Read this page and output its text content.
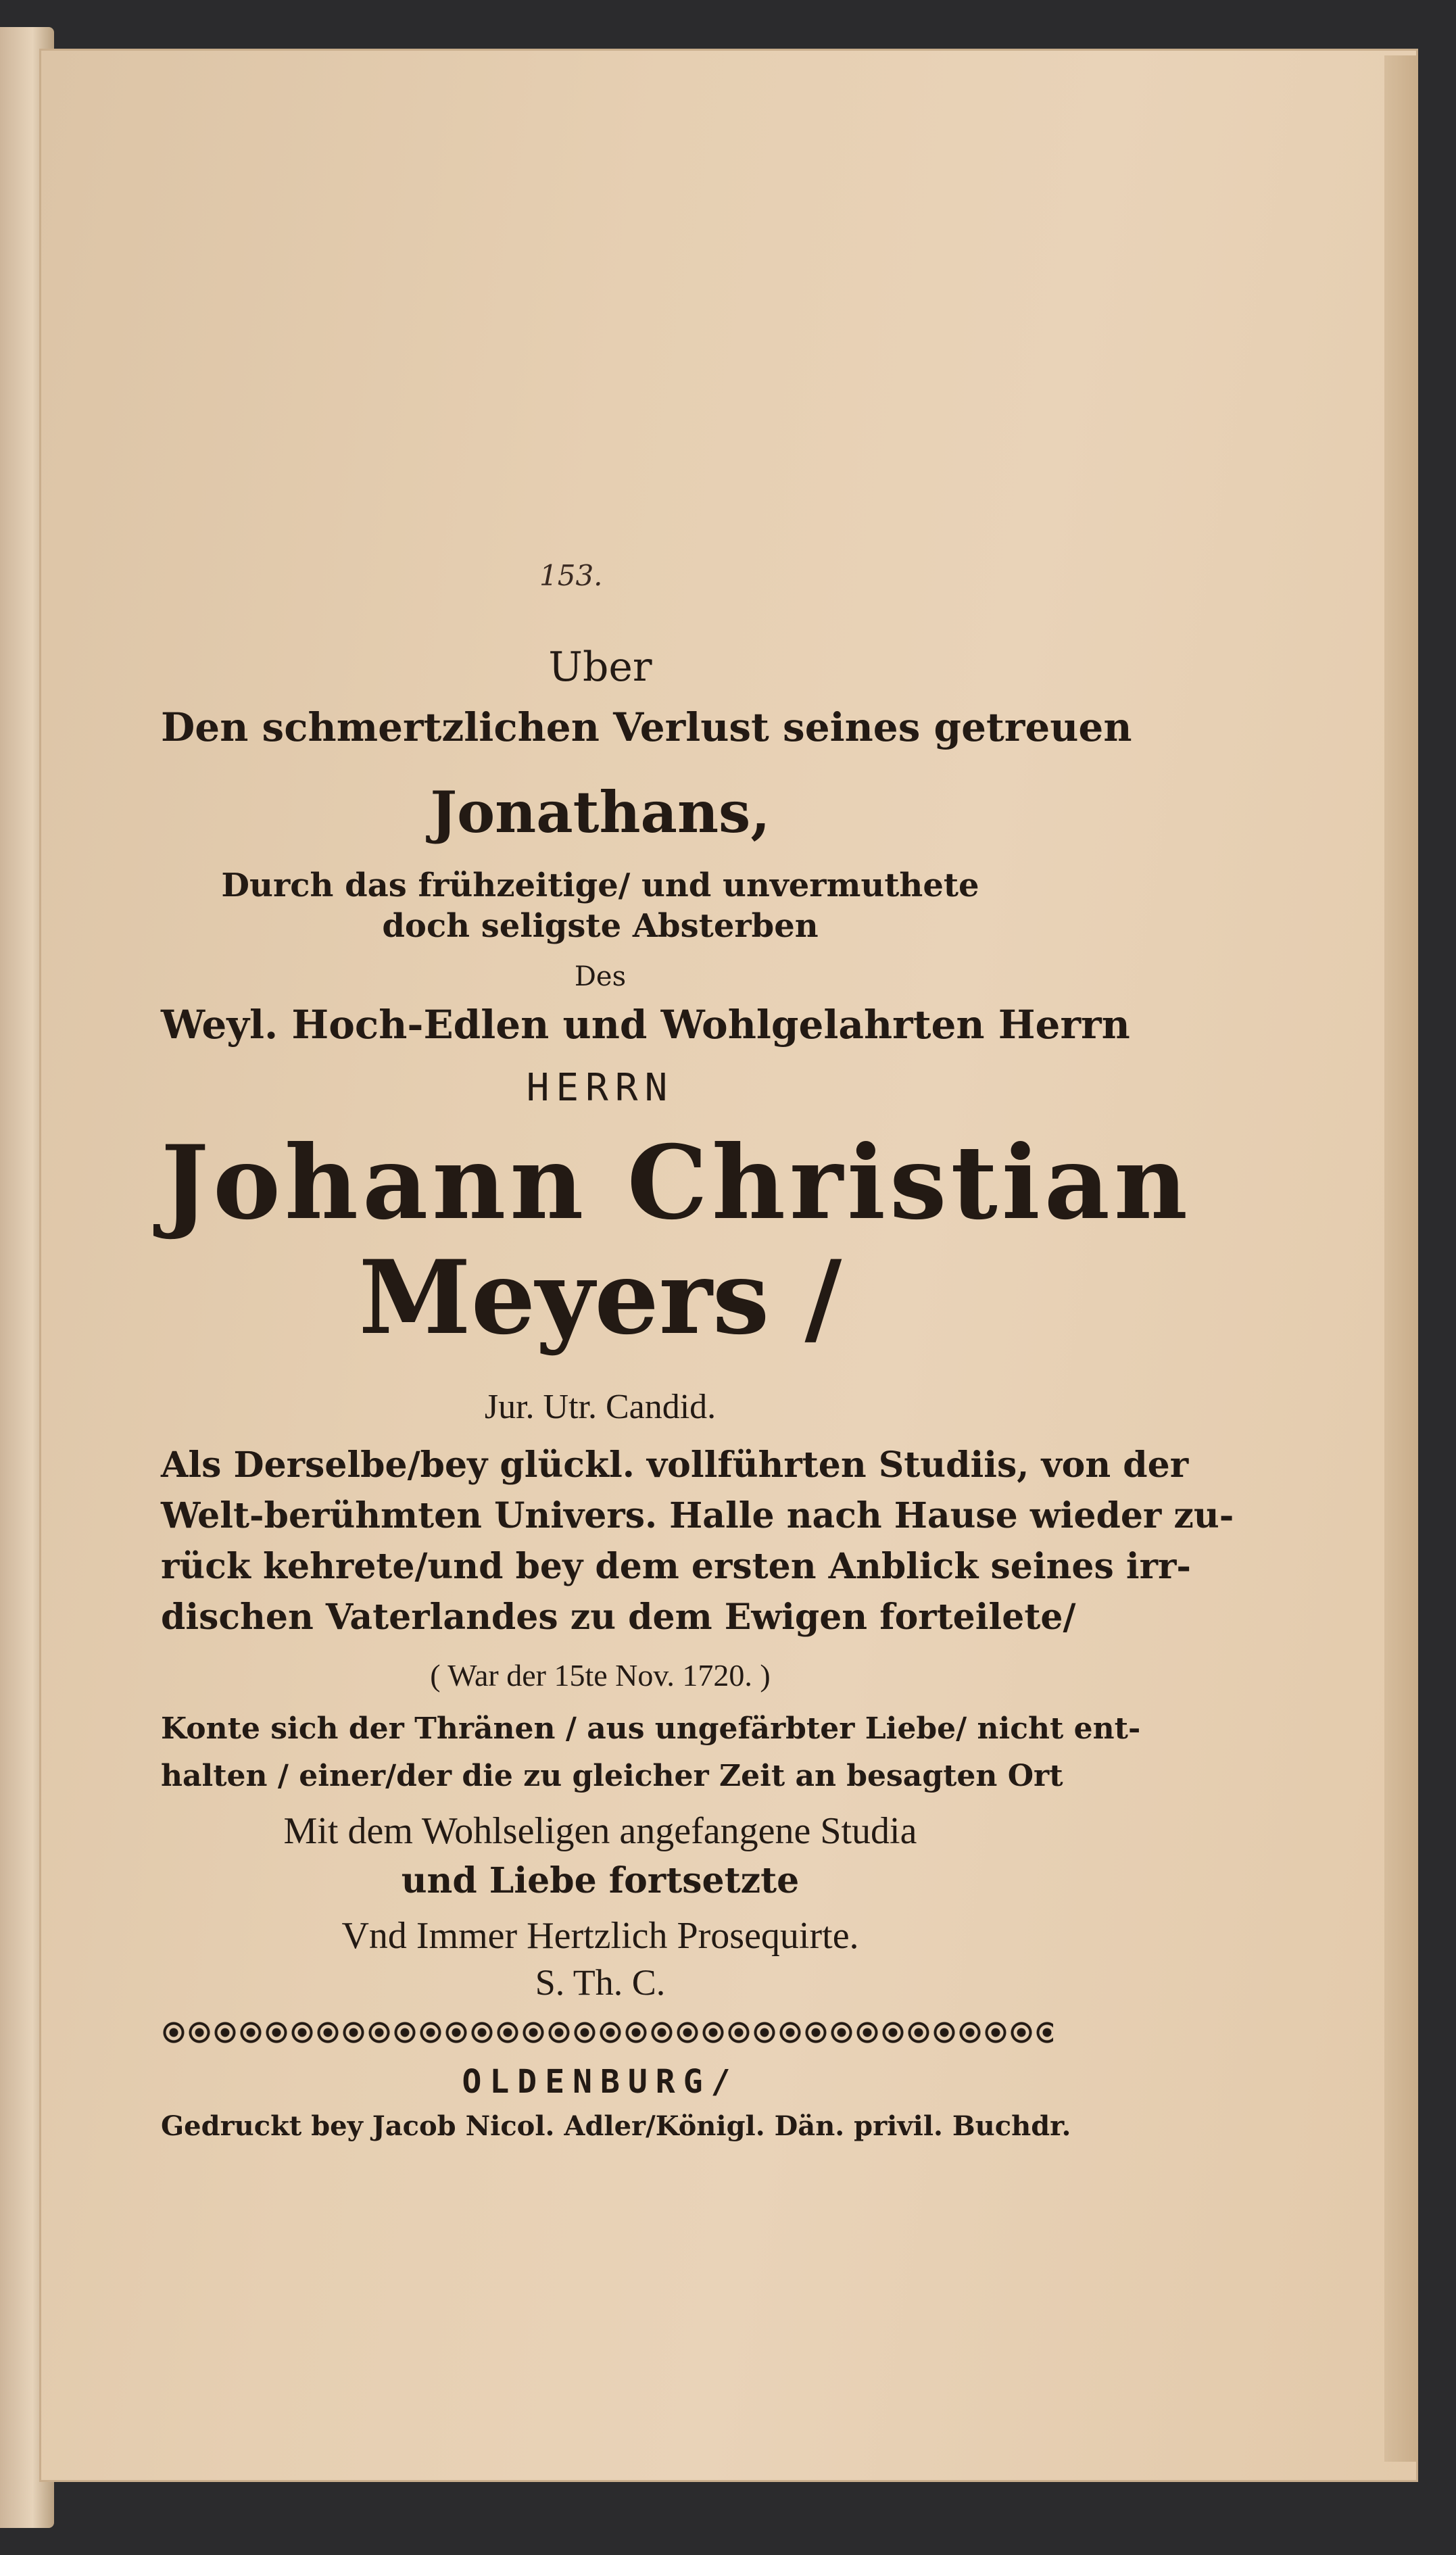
153.
Uber
Den schmertzlichen Verlust seines getreuen
Jonathans,
Durch das frühzeitige/ und unvermuthete
doch seligste Absterben
Des
Weyl. Hoch-Edlen und Wohlgelahrten Herrn
HERRN
Johann Christian
Meyers /
Jur. Utr. Candid.
Als Derselbe/bey glückl. vollführten Studiis, von der
Welt-berühmten Univers. Halle nach Hause wieder zu-
rück kehrete/und bey dem ersten Anblick seines irr-
dischen Vaterlandes zu dem Ewigen forteilete/
( War der 15te Nov. 1720. )
Konte sich der Thränen / aus ungefärbter Liebe/ nicht ent-
halten / einer/der die zu gleicher Zeit an besagten Ort
Mit dem Wohlseligen angefangene Studia
und Liebe fortsetzte
Vnd Immer Hertzlich Prosequirte.
S. Th. C.
OLDENBURG/
Gedruckt bey Jacob Nicol. Adler/Königl. Dän. privil. Buchdr.
